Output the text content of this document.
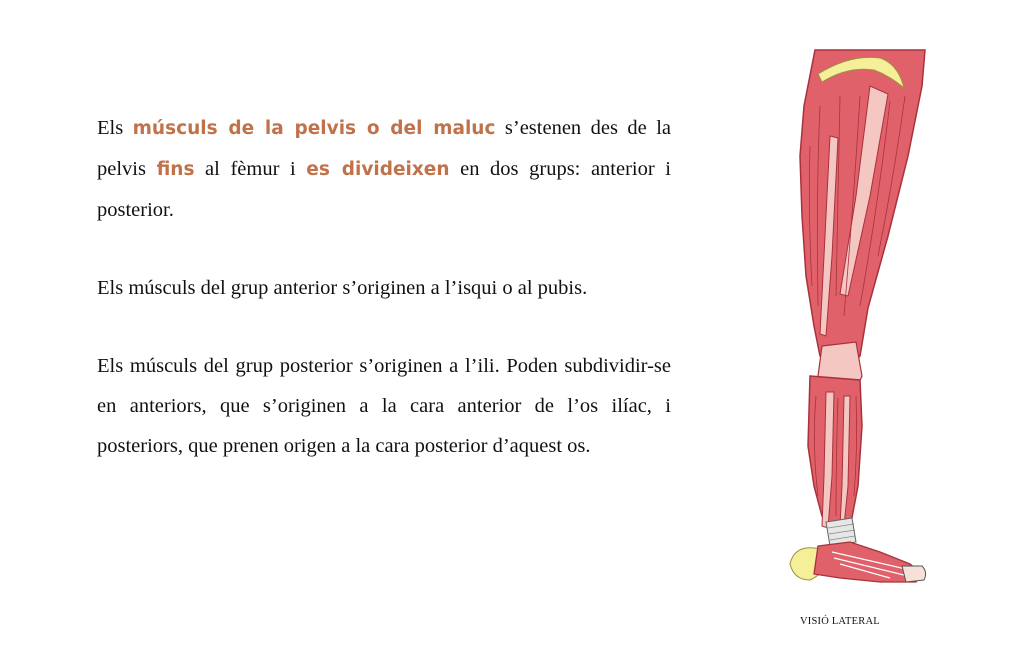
Els músculs de la pelvis o del maluc s’estenen des de la pelvis fins al fèmur i es divideixen en dos grups: anterior i posterior.

Els músculs del grup anterior s’originen a l’isqui o al pubis.

Els músculs del grup posterior s’originen a l’ili. Poden subdividir-se en anteriors, que s’originen a la cara anterior de l’os ilíac, i posteriors, que prenen origen a la cara posterior d’aquest os.

VISIÓ LATERAL
